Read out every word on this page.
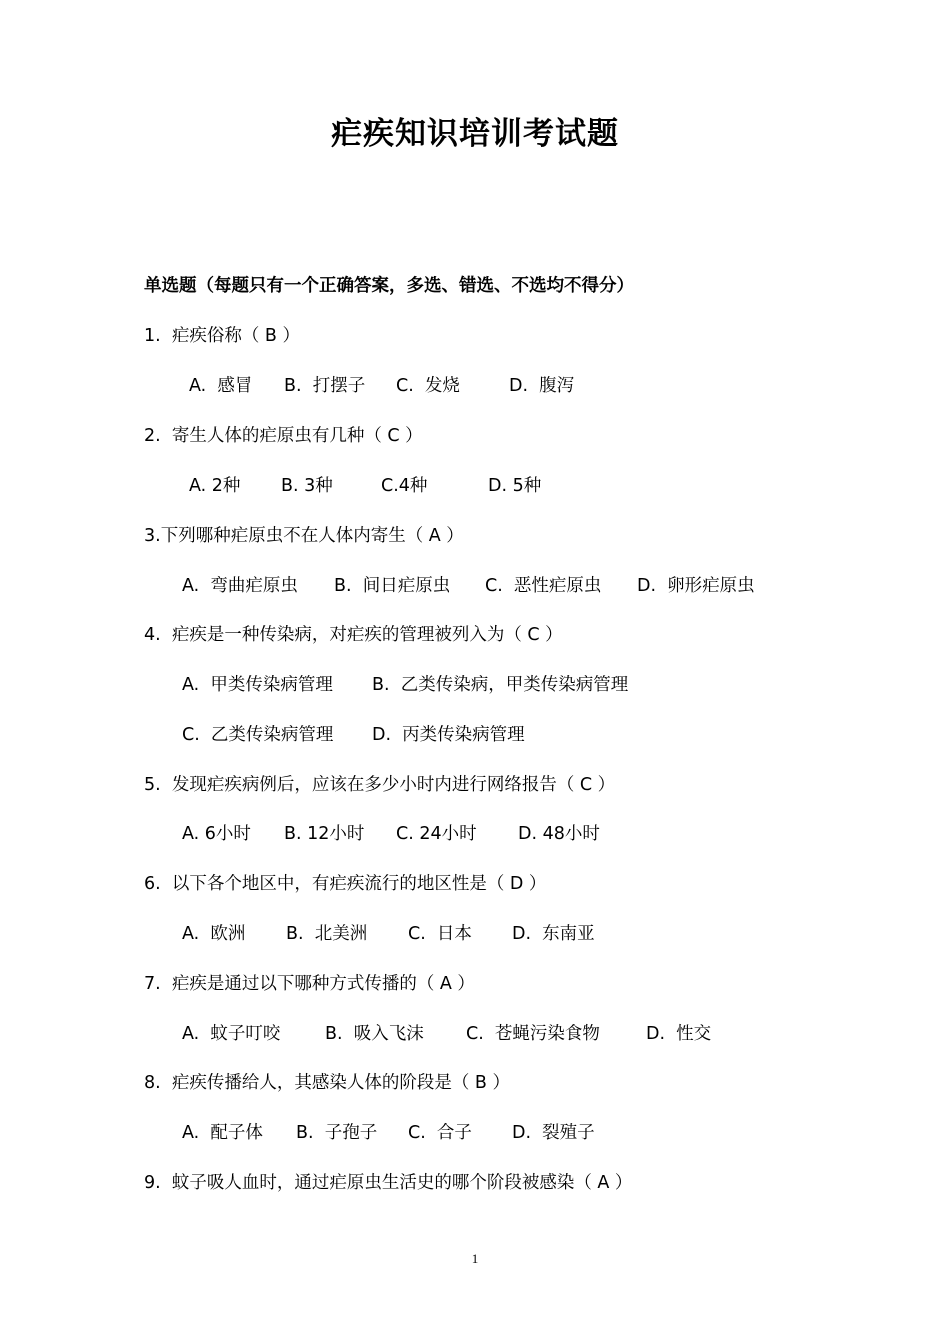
疟疾知识培训考试题
单选题（每题只有一个正确答案，多选、错选、不选均不得分）
1.  疟疾俗称（ B ）
A.  感冒 B.  打摆子 C.  发烧	D.  腹泻
2.  寄生人体的疟原虫有几种（ C ）
A. 2种 B. 3种	C.4种	D. 5种
3.下列哪种疟原虫不在人体内寄生（ A ）
A.  弯曲疟原虫 B.  间日疟原虫 C.  恶性疟原虫 D.  卵形疟原虫
4.  疟疾是一种传染病，对疟疾的管理被列入为（ C ）
A.  甲类传染病管理 B.  乙类传染病，甲类传染病管理
C.  乙类传染病管理 D.  丙类传染病管理
5.  发现疟疾病例后，应该在多少小时内进行网络报告（ C ）
A. 6小时 B. 12小时 C. 24小时 D. 48小时
6.  以下各个地区中，有疟疾流行的地区性是（ D ）
A.  欧洲 B.  北美洲 C.  日本 D.  东南亚
7.  疟疾是通过以下哪种方式传播的（ A ）
A.  蚊子叮咬	B.  吸入飞沫 C.  苍蝇污染食物	D.  性交
8.  疟疾传播给人，其感染人体的阶段是（ B ）
A.  配子体 B.  子孢子 C.  合子 D.  裂殖子
9.  蚊子吸人血时，通过疟原虫生活史的哪个阶段被感染（ A ）
1
